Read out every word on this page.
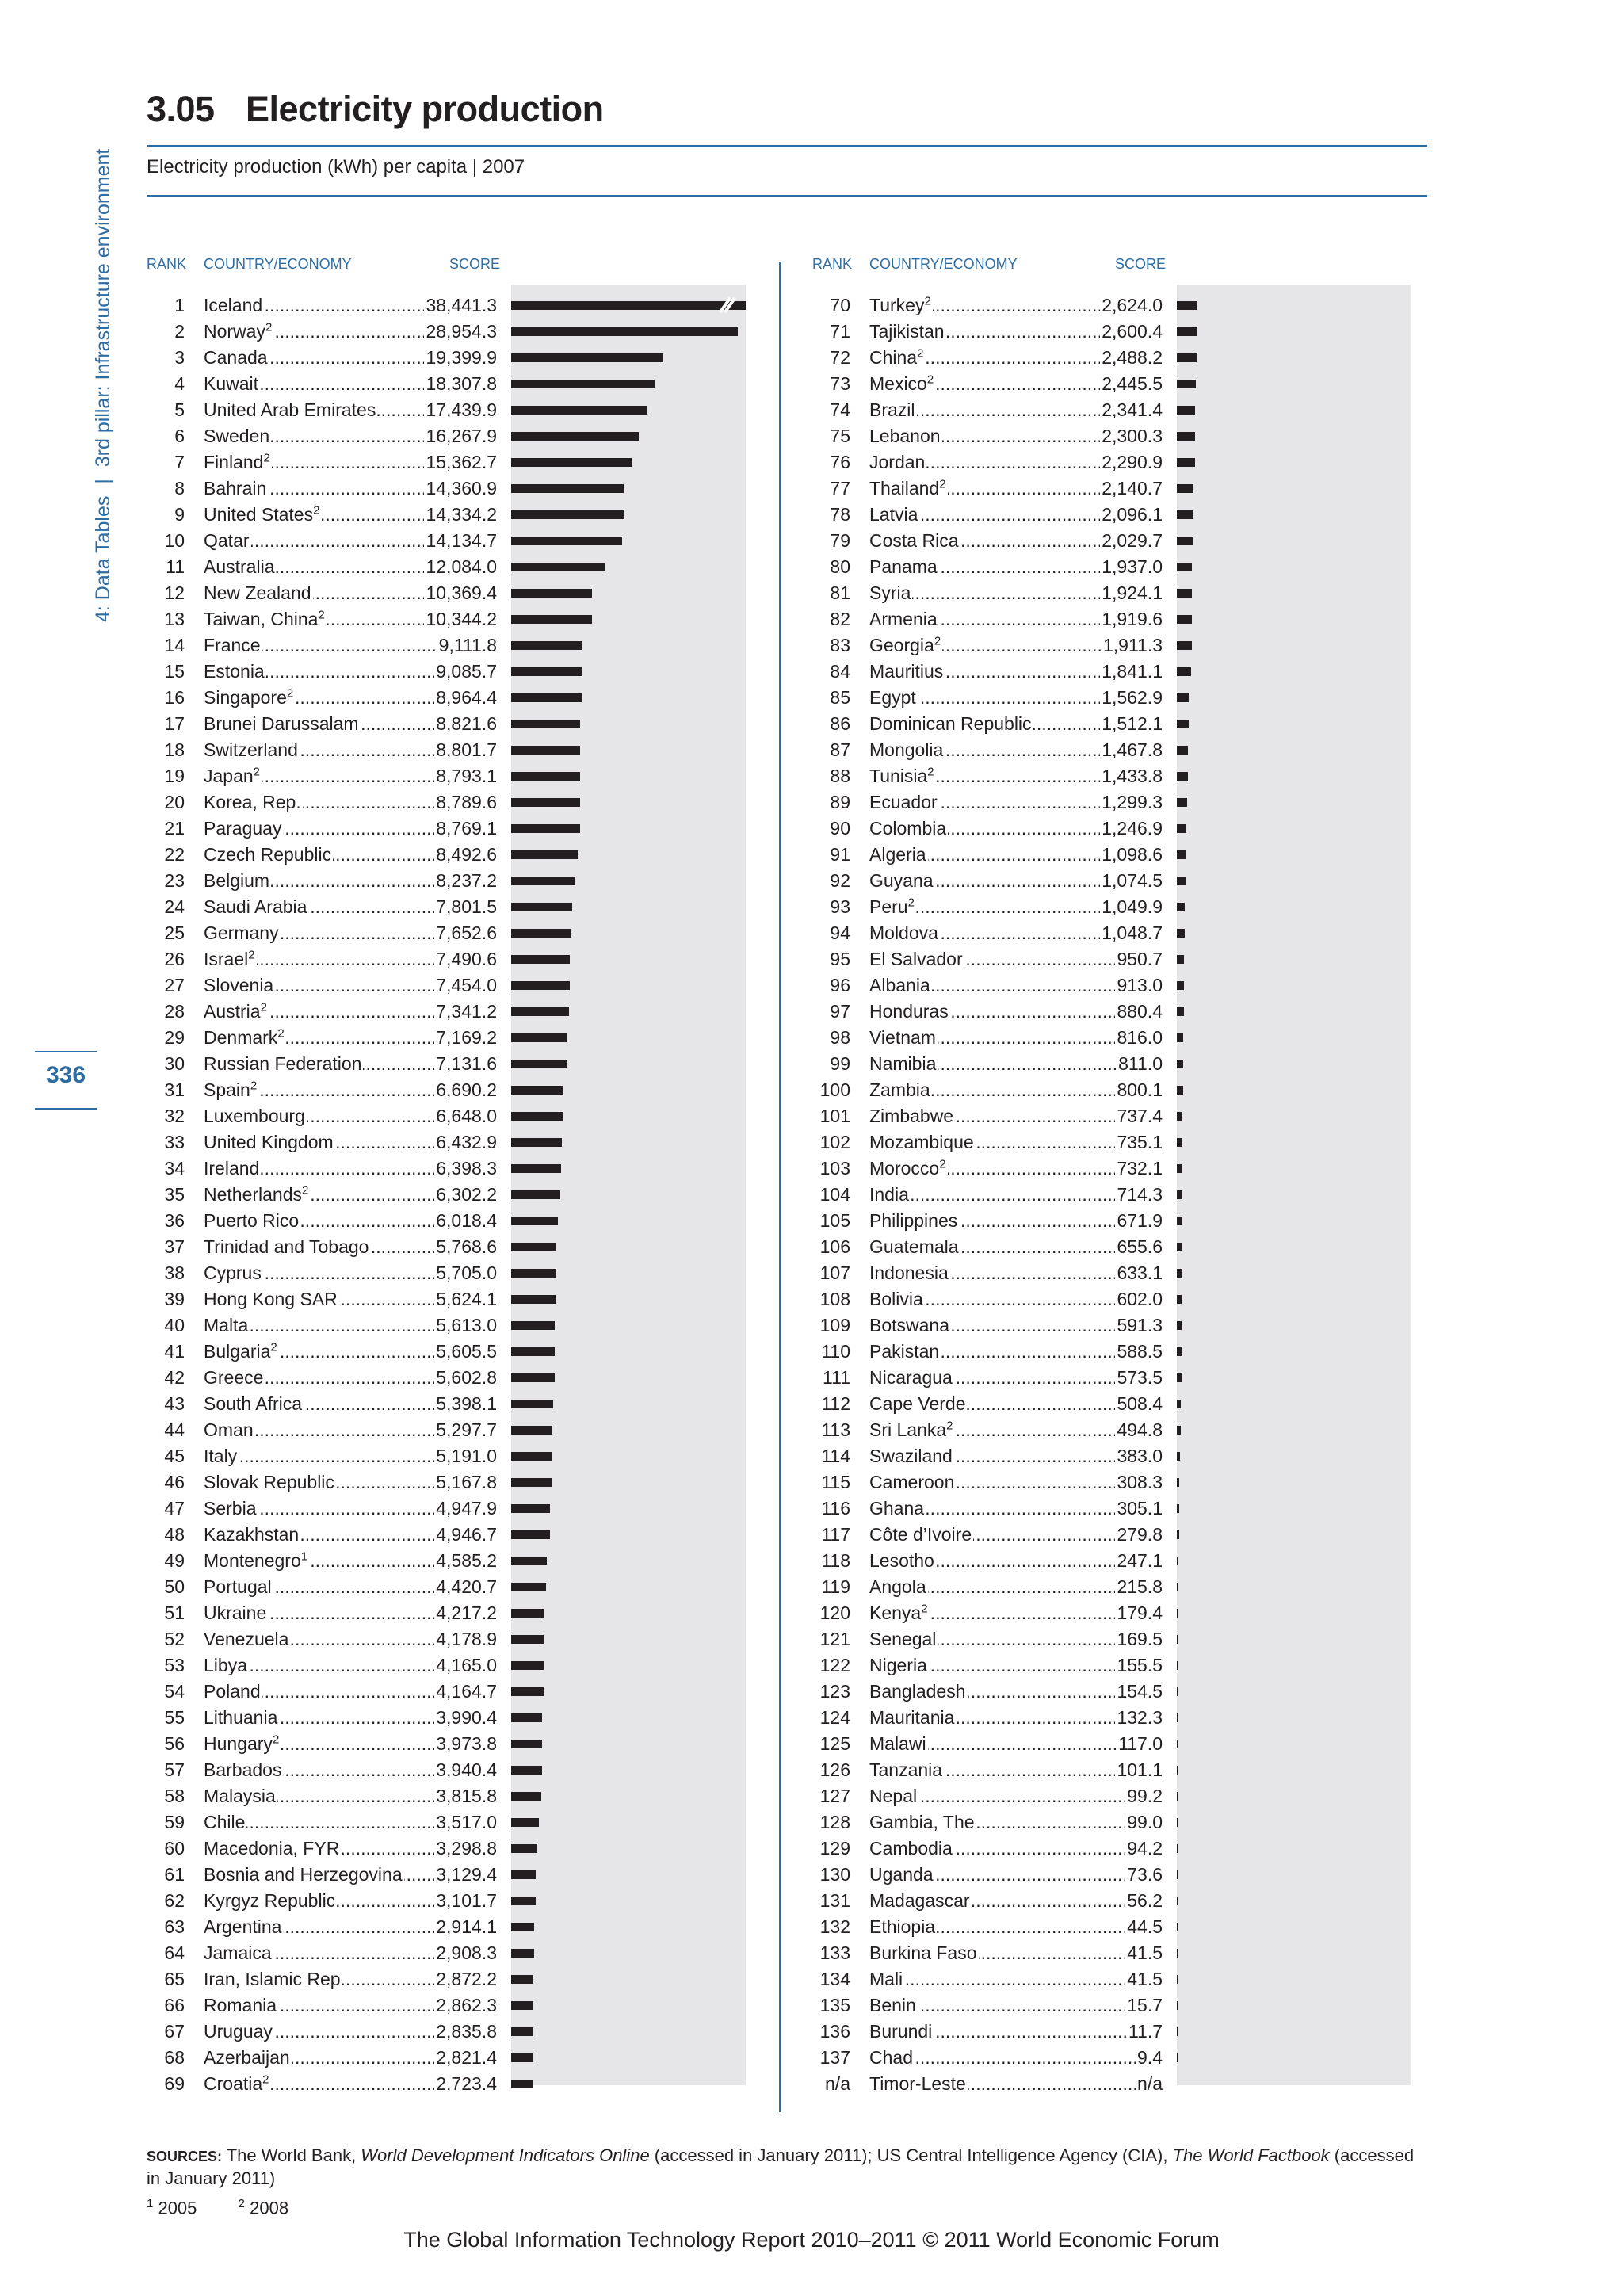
4: Data Tables | 3rd pillar: Infrastructure environment
336
3.05 Electricity production
Electricity production (kWh) per capita | 2007
RANK COUNTRY/ECONOMY	SCORE
1 Iceland .....	38,441.3
2 Norway$^2$ .....	28,954.3
3 Canada .....	19,399.9
4 Kuwait .....	18,307.8
5 United Arab Emirates .....	17,439.9
6 Sweden .....	16,267.9
7 Finland$^2$ .....	15,362.7
8 Bahrain .....	14,360.9
9 United States$^2$ .....	14,334.2
10 Qatar .....	14,134.7
11 Australia .....	12,084.0
12 New Zealand .....	10,369.4
13 Taiwan, China$^2$ .....	10,344.2
14 France .....	9,111.8
15 Estonia .....	9,085.7
16 Singapore$^2$ .....	8,964.4
17 Brunei Darussalam .....	8,821.6
18 Switzerland .....	8,801.7
19 Japan$^2$ .....	8,793.1
20 Korea, Rep. .....	8,789.6
21 Paraguay .....	8,769.1
22 Czech Republic .....	8,492.6
23 Belgium .....	8,237.2
24 Saudi Arabia .....	7,801.5
25 Germany .....	7,652.6
26 Israel$^2$ .....	7,490.6
27 Slovenia .....	7,454.0
28 Austria$^2$ .....	7,341.2
29 Denmark$^2$ .....	7,169.2
30 Russian Federation .....	7,131.6
31 Spain$^2$ .....	6,690.2
32 Luxembourg .....	6,648.0
33 United Kingdom .....	6,432.9
34 Ireland .....	6,398.3
35 Netherlands$^2$ .....	6,302.2
36 Puerto Rico .....	6,018.4
37 Trinidad and Tobago .....	5,768.6
38 Cyprus .....	5,705.0
39 Hong Kong SAR .....	5,624.1
40 Malta .....	5,613.0
41 Bulgaria$^2$ .....	5,605.5
42 Greece .....	5,602.8
43 South Africa .....	5,398.1
44 Oman .....	5,297.7
45 Italy .....	5,191.0
46 Slovak Republic .....	5,167.8
47 Serbia .....	4,947.9
48 Kazakhstan .....	4,946.7
49 Montenegro$^1$ .....	4,585.2
50 Portugal .....	4,420.7
51 Ukraine .....	4,217.2
52 Venezuela .....	4,178.9
53 Libya .....	4,165.0
54 Poland .....	4,164.7
55 Lithuania .....	3,990.4
56 Hungary$^2$ .....	3,973.8
57 Barbados .....	3,940.4
58 Malaysia .....	3,815.8
59 Chile .....	3,517.0
60 Macedonia, FYR .....	3,298.8
61 Bosnia and Herzegovina .....	3,129.4
62 Kyrgyz Republic .....	3,101.7
63 Argentina .....	2,914.1
64 Jamaica .....	2,908.3
65 Iran, Islamic Rep. .....	2,872.2
66 Romania .....	2,862.3
67 Uruguay .....	2,835.8
68 Azerbaijan .....	2,821.4
69 Croatia$^2$ .....	2,723.4
RANK COUNTRY/ECONOMY	SCORE
70 Turkey$^2$ .....	2,624.0
71 Tajikistan .....	2,600.4
72 China$^2$ .....	2,488.2
73 Mexico$^2$ .....	2,445.5
74 Brazil .....	2,341.4
75 Lebanon .....	2,300.3
76 Jordan .....	2,290.9
77 Thailand$^2$ .....	2,140.7
78 Latvia .....	2,096.1
79 Costa Rica .....	2,029.7
80 Panama .....	1,937.0
81 Syria .....	1,924.1
82 Armenia .....	1,919.6
83 Georgia$^2$ .....	1,911.3
84 Mauritius .....	1,841.1
85 Egypt .....	1,562.9
86 Dominican Republic .....	1,512.1
87 Mongolia .....	1,467.8
88 Tunisia$^2$ .....	1,433.8
89 Ecuador .....	1,299.3
90 Colombia .....	1,246.9
91 Algeria .....	1,098.6
92 Guyana .....	1,074.5
93 Peru$^2$ .....	1,049.9
94 Moldova .....	1,048.7
95 El Salvador .....	950.7
96 Albania .....	913.0
97 Honduras .....	880.4
98 Vietnam .....	816.0
99 Namibia .....	811.0
100 Zambia .....	800.1
101 Zimbabwe .....	737.4
102 Mozambique .....	735.1
103 Morocco$^2$ .....	732.1
104 India .....	714.3
105 Philippines .....	671.9
106 Guatemala .....	655.6
107 Indonesia .....	633.1
108 Bolivia .....	602.0
109 Botswana .....	591.3
110 Pakistan .....	588.5
111 Nicaragua .....	573.5
112 Cape Verde .....	508.4
113 Sri Lanka$^2$ .....	494.8
114 Swaziland .....	383.0
115 Cameroon .....	308.3
116 Ghana .....	305.1
117 Côte d’Ivoire .....	279.8
118 Lesotho .....	247.1
119 Angola .....	215.8
120 Kenya$^2$ .....	179.4
121 Senegal .....	169.5
122 Nigeria .....	155.5
123 Bangladesh .....	154.5
124 Mauritania .....	132.3
125 Malawi .....	117.0
126 Tanzania .....	101.1
127 Nepal .....	99.2
128 Gambia, The .....	99.0
129 Cambodia .....	94.2
130 Uganda .....	73.6
131 Madagascar .....	56.2
132 Ethiopia .....	44.5
133 Burkina Faso .....	41.5
134 Mali .....	41.5
135 Benin .....	15.7
136 Burundi .....	11.7
137 Chad .....	9.4
n/a Timor-Leste .....	n/a
SOURCES: The World Bank, World Development Indicators Online (accessed in January 2011); US Central Intelligence Agency (CIA), The World Factbook (accessed in January 2011)
$^1$ 2005	$^2$ 2008
The Global Information Technology Report 2010–2011 © 2011 World Economic Forum
